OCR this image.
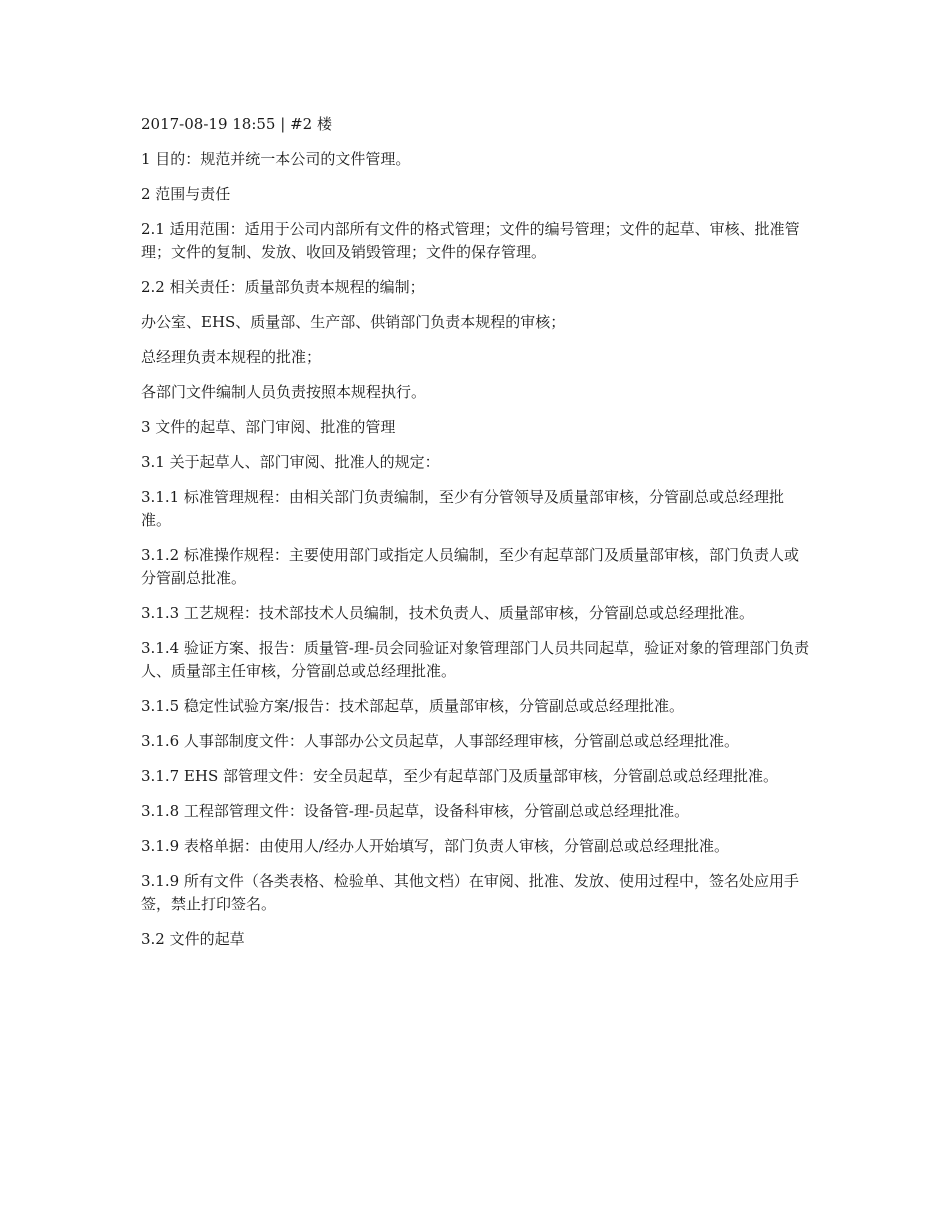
2017-08-19 18:55 | #2 楼

1 目的：规范并统一本公司的文件管理。

2 范围与责任

2.1 适用范围：适用于公司内部所有文件的格式管理；文件的编号管理；文件的起草、审核、批准管理；文件的复制、发放、收回及销毁管理；文件的保存管理。

2.2 相关责任：质量部负责本规程的编制；

办公室、EHS、质量部、生产部、供销部门负责本规程的审核；

总经理负责本规程的批准；

各部门文件编制人员负责按照本规程执行。

3 文件的起草、部门审阅、批准的管理

3.1 关于起草人、部门审阅、批准人的规定：

3.1.1 标准管理规程：由相关部门负责编制，至少有分管领导及质量部审核，分管副总或总经理批准。

3.1.2 标准操作规程：主要使用部门或指定人员编制，至少有起草部门及质量部审核，部门负责人或分管副总批准。

3.1.3 工艺规程：技术部技术人员编制，技术负责人、质量部审核，分管副总或总经理批准。

3.1.4 验证方案、报告：质量管-理-员会同验证对象管理部门人员共同起草，验证对象的管理部门负责人、质量部主任审核，分管副总或总经理批准。

3.1.5 稳定性试验方案/报告：技术部起草，质量部审核，分管副总或总经理批准。

3.1.6 人事部制度文件：人事部办公文员起草，人事部经理审核，分管副总或总经理批准。

3.1.7 EHS 部管理文件：安全员起草，至少有起草部门及质量部审核，分管副总或总经理批准。

3.1.8 工程部管理文件：设备管-理-员起草，设备科审核，分管副总或总经理批准。

3.1.9 表格单据：由使用人/经办人开始填写，部门负责人审核，分管副总或总经理批准。

3.1.9 所有文件（各类表格、检验单、其他文档）在审阅、批准、发放、使用过程中，签名处应用手签，禁止打印签名。

3.2 文件的起草
